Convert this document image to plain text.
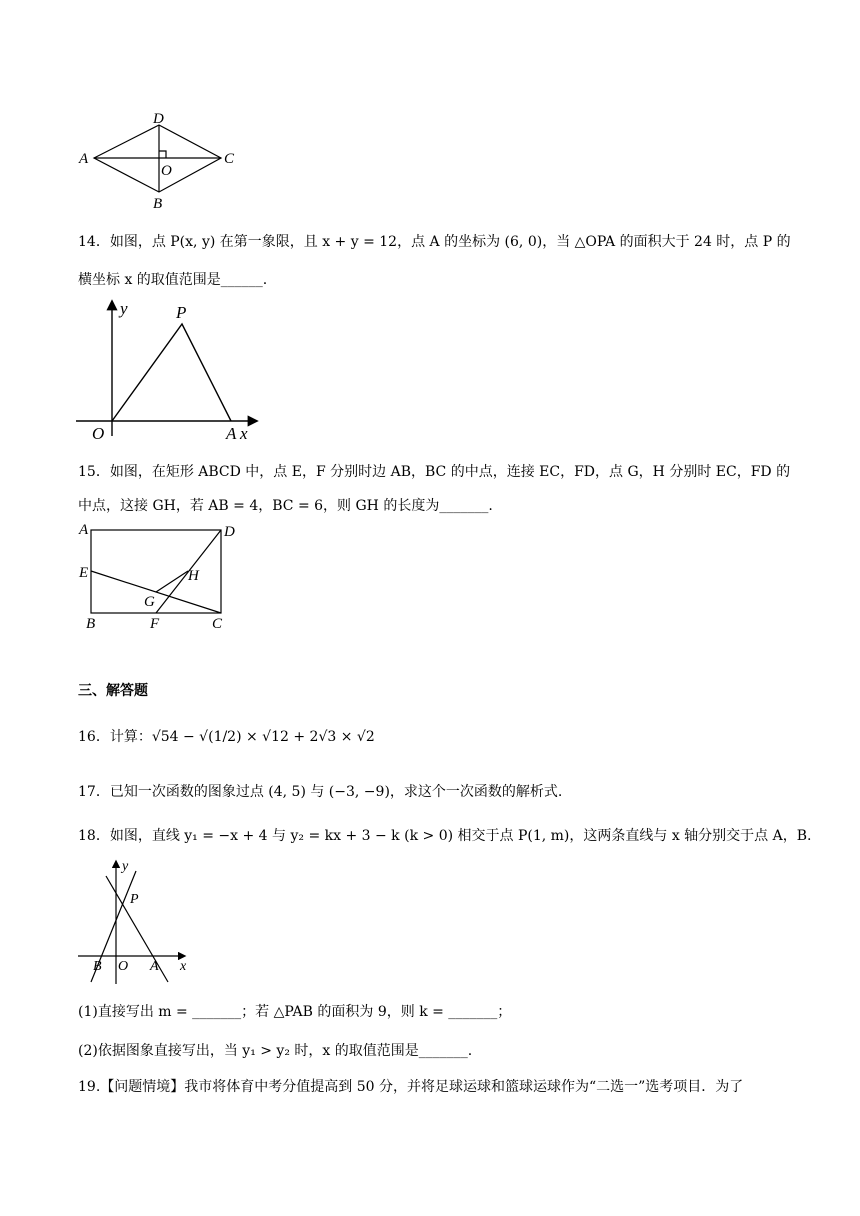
D
A
O
C
B
14．如图，点 P(x, y) 在第一象限，且 x + y = 12，点 A 的坐标为 (6, 0)，当 △OPA 的面积大于 24 时，点 P 的
横坐标 x 的取值范围是______.
y	P
O	A x
15．如图，在矩形 ABCD 中，点 E，F 分别时边 AB，BC 的中点，连接 EC，FD，点 G，H 分别时 EC，FD 的
中点，这接 GH，若 AB = 4，BC = 6，则 GH 的长度为_______.
A	D
E	H
G
B	F	C
三、解答题
16．计算：√54 − √(1/2) × √12 + 2√3 × √2
17．已知一次函数的图象过点 (4, 5) 与 (−3, −9)，求这个一次函数的解析式.
18．如图，直线 y₁ = −x + 4 与 y₂ = kx + 3 − k (k > 0) 相交于点 P(1, m)，这两条直线与 x 轴分别交于点 A，B.
y
P
B O A x
(1)直接写出 m = _______；若 △PAB 的面积为 9，则 k = _______；
(2)依据图象直接写出，当 y₁ > y₂ 时，x 的取值范围是_______.
19.【问题情境】我市将体育中考分值提高到 50 分，并将足球运球和篮球运球作为“二选一”选考项目．为了
